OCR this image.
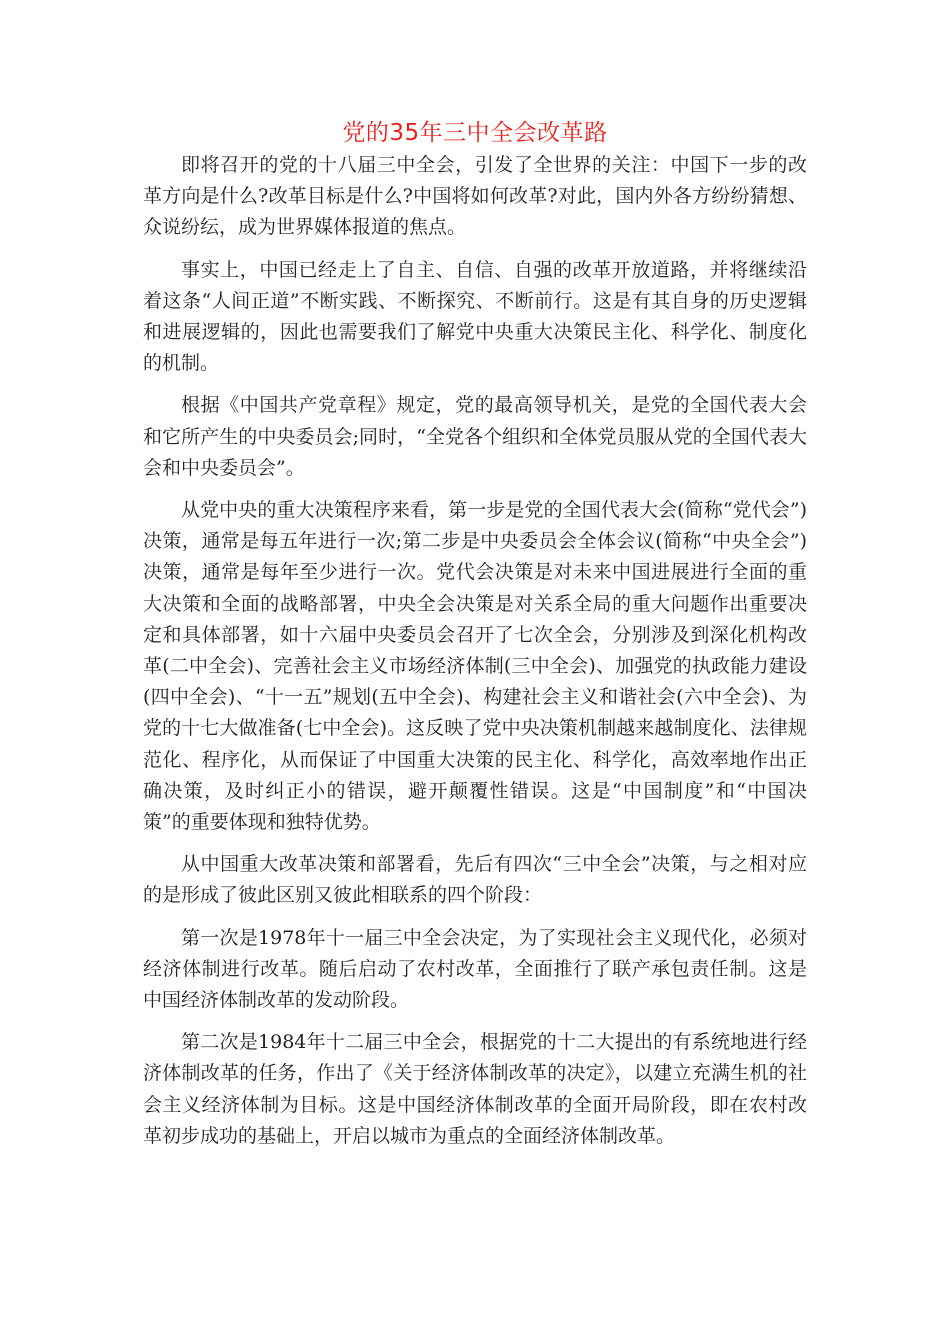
党的35年三中全会改革路

即将召开的党的十八届三中全会，引发了全世界的关注：中国下一步的改革方向是什么?改革目标是什么?中国将如何改革?对此，国内外各方纷纷猜想、众说纷纭，成为世界媒体报道的焦点。

事实上，中国已经走上了自主、自信、自强的改革开放道路，并将继续沿着这条“人间正道”不断实践、不断探究、不断前行。这是有其自身的历史逻辑和进展逻辑的，因此也需要我们了解党中央重大决策民主化、科学化、制度化的机制。

根据《中国共产党章程》规定，党的最高领导机关，是党的全国代表大会和它所产生的中央委员会;同时，“全党各个组织和全体党员服从党的全国代表大会和中央委员会”。

从党中央的重大决策程序来看，第一步是党的全国代表大会(简称“党代会”)决策，通常是每五年进行一次;第二步是中央委员会全体会议(简称“中央全会”)决策，通常是每年至少进行一次。党代会决策是对未来中国进展进行全面的重大决策和全面的战略部署，中央全会决策是对关系全局的重大问题作出重要决定和具体部署，如十六届中央委员会召开了七次全会，分别涉及到深化机构改革(二中全会)、完善社会主义市场经济体制(三中全会)、加强党的执政能力建设(四中全会)、“十一五”规划(五中全会)、构建社会主义和谐社会(六中全会)、为党的十七大做准备(七中全会)。这反映了党中央决策机制越来越制度化、法律规范化、程序化，从而保证了中国重大决策的民主化、科学化，高效率地作出正确决策，及时纠正小的错误，避开颠覆性错误。这是“中国制度”和“中国决策”的重要体现和独特优势。

从中国重大改革决策和部署看，先后有四次“三中全会”决策，与之相对应的是形成了彼此区别又彼此相联系的四个阶段：

第一次是1978年十一届三中全会决定，为了实现社会主义现代化，必须对经济体制进行改革。随后启动了农村改革，全面推行了联产承包责任制。这是中国经济体制改革的发动阶段。

第二次是1984年十二届三中全会，根据党的十二大提出的有系统地进行经济体制改革的任务，作出了《关于经济体制改革的决定》，以建立充满生机的社会主义经济体制为目标。这是中国经济体制改革的全面开局阶段，即在农村改革初步成功的基础上，开启以城市为重点的全面经济体制改革。
